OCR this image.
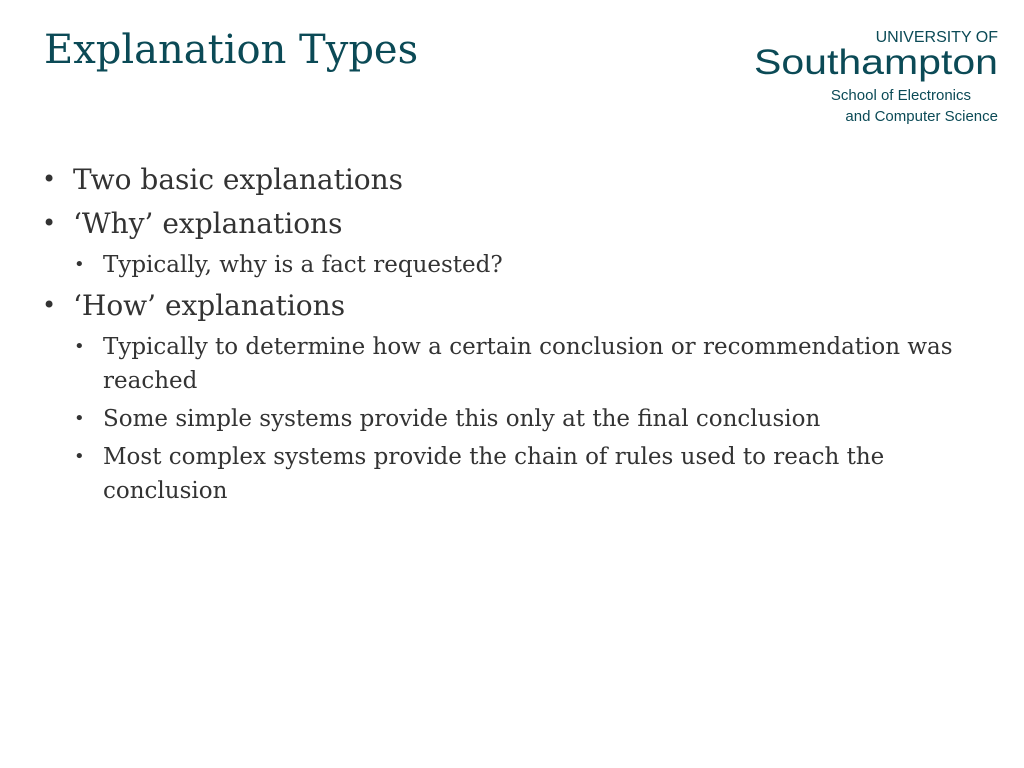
Explanation Types	UNIVERSITY OF
Southampton
School of Electronics
and Computer Science
• Two basic explanations
• ‘Why’ explanations
• Typically, why is a fact requested?
• ‘How’ explanations
• Typically to determine how a certain conclusion or recommendation was reached
• Some simple systems provide this only at the final conclusion
• Most complex systems provide the chain of rules used to reach the conclusion
